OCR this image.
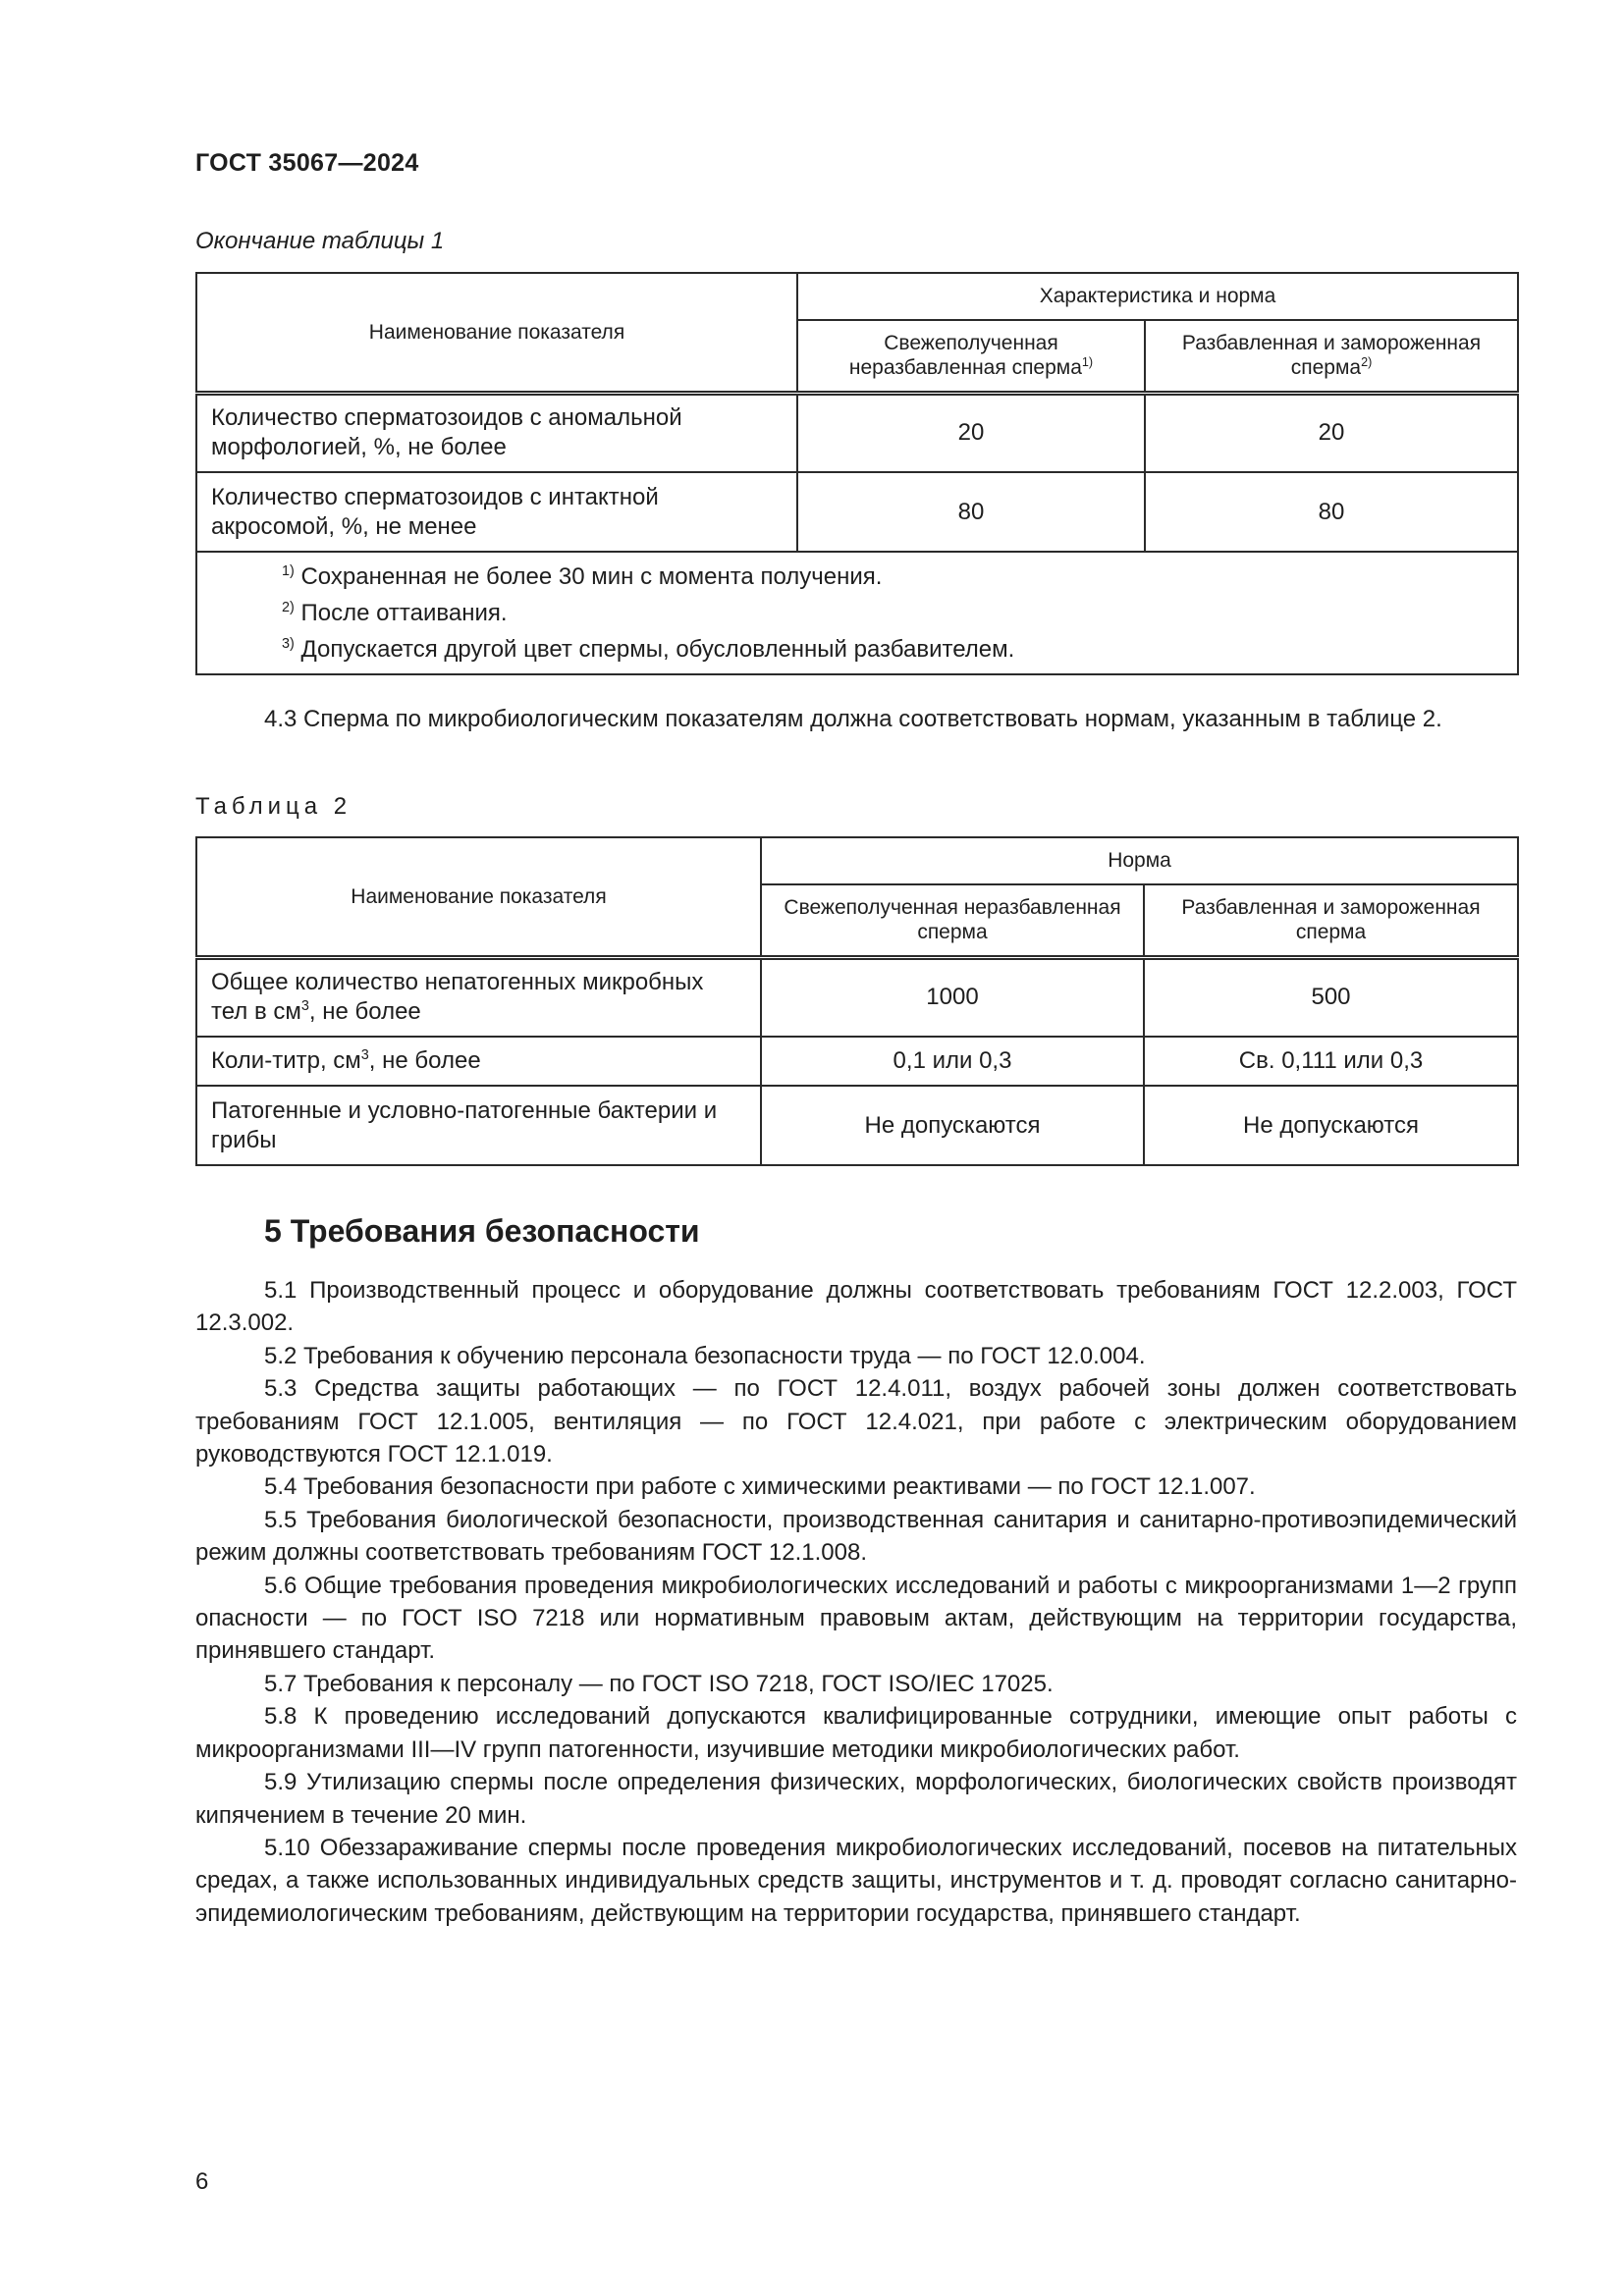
ГОСТ 35067—2024
Окончание таблицы 1
Наименование показателя	Характеристика и норма	
	Свежеполученная неразбавленная сперма$^{1)}$	Разбавленная и замороженная сперма$^{2)}$
Количество сперматозоидов с аномальной морфологией, %, не более	20	20
Количество сперматозоидов с интактной акросомой, %, не менее	80	80

$^{1)}$ Сохраненная не более 30 мин с момента получения.
$^{2)}$ После оттаивания.
$^{3)}$ Допускается другой цвет спермы, обусловленный разбавителем.		

4.3 Сперма по микробиологическим показателям должна соответствовать нормам, указанным в таблице 2.

Таблица 2
Наименование показателя	Норма	
	Свежеполученная неразбавленная сперма	Разбавленная и замороженная сперма
Общее количество непатогенных микробных тел в $см^3$, не более	1000	500
Коли-титр, $см^3$, не более	0,1 или 0,3	Св. 0,111 или 0,3
Патогенные и условно-патогенные бактерии и грибы	Не допускаются	Не допускаются
5 Требования безопасности

5.1 Производственный процесс и оборудование должны соответствовать требованиям ГОСТ 12.2.003, ГОСТ 12.3.002.

5.2 Требования к обучению персонала безопасности труда — по ГОСТ 12.0.004.

5.3 Средства защиты работающих — по ГОСТ 12.4.011, воздух рабочей зоны должен соответствовать требованиям ГОСТ 12.1.005, вентиляция — по ГОСТ 12.4.021, при работе с электрическим оборудованием руководствуются ГОСТ 12.1.019.

5.4 Требования безопасности при работе с химическими реактивами — по ГОСТ 12.1.007.

5.5 Требования биологической безопасности, производственная санитария и санитарно-противоэпидемический режим должны соответствовать требованиям ГОСТ 12.1.008.

5.6 Общие требования проведения микробиологических исследований и работы с микроорганизмами 1—2 групп опасности — по ГОСТ ISO 7218 или нормативным правовым актам, действующим на территории государства, принявшего стандарт.

5.7 Требования к персоналу — по ГОСТ ISO 7218, ГОСТ ISO/IEC 17025.

5.8 К проведению исследований допускаются квалифицированные сотрудники, имеющие опыт работы с микроорганизмами III—IV групп патогенности, изучившие методики микробиологических работ.

5.9 Утилизацию спермы после определения физических, морфологических, биологических свойств производят кипячением в течение 20 мин.

5.10 Обеззараживание спермы после проведения микробиологических исследований, посевов на питательных средах, а также использованных индивидуальных средств защиты, инструментов и т. д. проводят согласно санитарно-эпидемиологическим требованиям, действующим на территории государства, принявшего стандарт.

6
